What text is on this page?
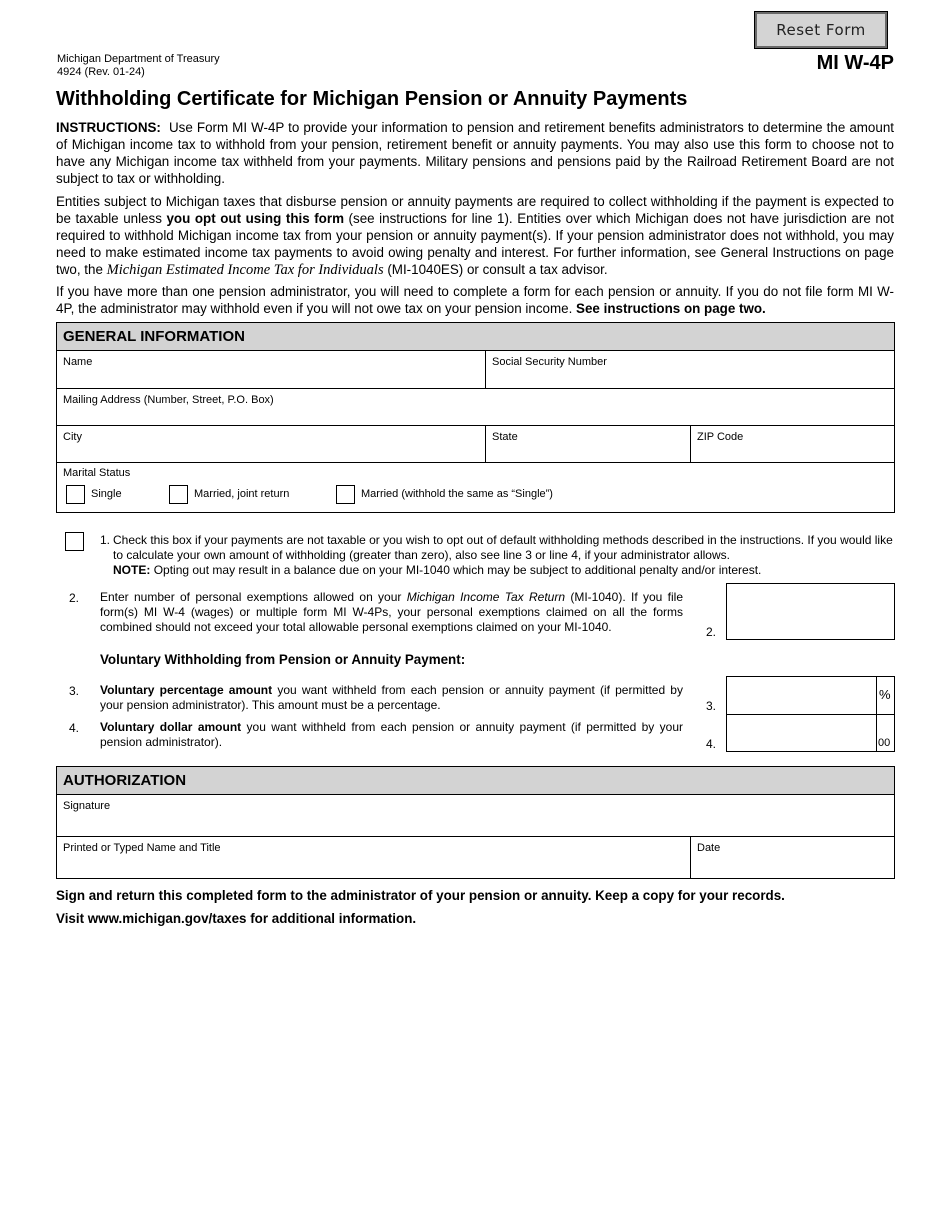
Reset Form
Michigan Department of Treasury
4924 (Rev. 01-24)	MI W-4P
Withholding Certificate for Michigan Pension or Annuity Payments
INSTRUCTIONS: Use Form MI W-4P to provide your information to pension and retirement benefits administrators to determine the amount of Michigan income tax to withhold from your pension, retirement benefit or annuity payments. You may also use this form to choose not to have any Michigan income tax withheld from your payments. Military pensions and pensions paid by the Railroad Retirement Board are not subject to tax or withholding.
Entities subject to Michigan taxes that disburse pension or annuity payments are required to collect withholding if the payment is expected to be taxable unless you opt out using this form (see instructions for line 1). Entities over which Michigan does not have jurisdiction are not required to withhold Michigan income tax from your pension or annuity payment(s). If your pension administrator does not withhold, you may need to make estimated income tax payments to avoid owing penalty and interest. For further information, see General Instructions on page two, the Michigan Estimated Income Tax for Individuals (MI-1040ES) or consult a tax advisor.
If you have more than one pension administrator, you will need to complete a form for each pension or annuity. If you do not file form MI W-4P, the administrator may withhold even if you will not owe tax on your pension income. See instructions on page two.
GENERAL INFORMATION
Name	Social Security Number
Mailing Address (Number, Street, P.O. Box)
City	State	ZIP Code
Marital Status
Single	Married, joint return	Married (withhold the same as “Single”)
1. Check this box if your payments are not taxable or you wish to opt out of default withholding methods described in the instructions. If you would like to calculate your own amount of withholding (greater than zero), also see line 3 or line 4, if your administrator allows.
NOTE: Opting out may result in a balance due on your MI-1040 which may be subject to additional penalty and/or interest.
2. Enter number of personal exemptions allowed on your Michigan Income Tax Return (MI-1040). If you file form(s) MI W-4 (wages) or multiple form MI W-4Ps, your personal exemptions claimed on all the forms combined should not exceed your total allowable personal exemptions claimed on your MI-1040.	2.
Voluntary Withholding from Pension or Annuity Payment:
3. Voluntary percentage amount you want withheld from each pension or annuity payment (if permitted by your pension administrator). This amount must be a percentage.	3.
%
4. Voluntary dollar amount you want withheld from each pension or annuity payment (if permitted by your pension administrator).	4.	00
AUTHORIZATION
Signature
Printed or Typed Name and Title	Date
Sign and return this completed form to the administrator of your pension or annuity. Keep a copy for your records.
Visit www.michigan.gov/taxes for additional information.
